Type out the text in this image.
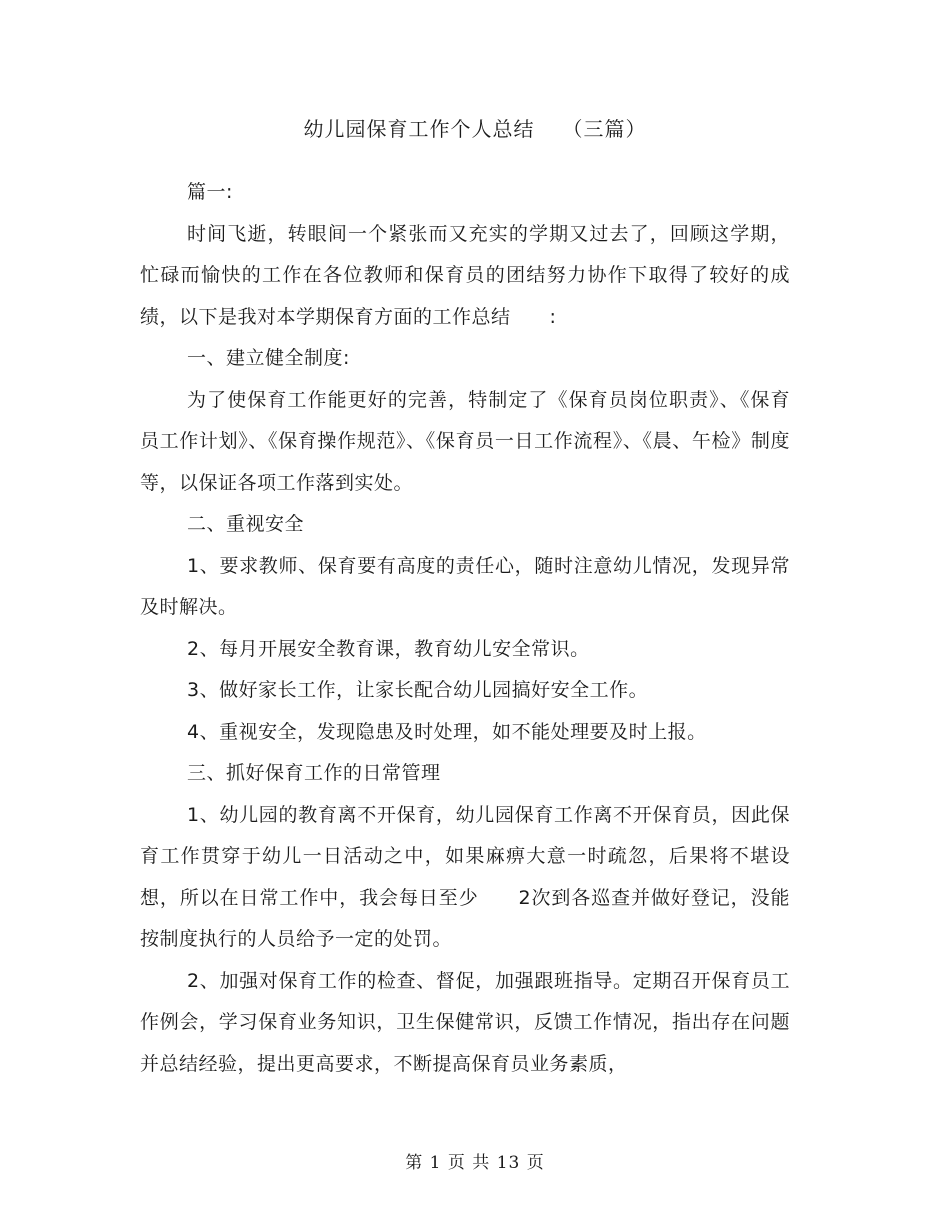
幼儿园保育工作个人总结 （三篇）

篇一:

时间飞逝，转眼间一个紧张而又充实的学期又过去了，回顾这学期，忙碌而愉快的工作在各位教师和保育员的团结努力协作下取得了较好的成绩，以下是我对本学期保育方面的工作总结　　:

一、建立健全制度:

为了使保育工作能更好的完善，特制定了《保育员岗位职责》、《保育员工作计划》、《保育操作规范》、《保育员一日工作流程》、《晨、午检》制度等，以保证各项工作落到实处。

二、重视安全

1、要求教师、保育要有高度的责任心，随时注意幼儿情况，发现异常及时解决。

2、每月开展安全教育课，教育幼儿安全常识。

3、做好家长工作，让家长配合幼儿园搞好安全工作。

4、重视安全，发现隐患及时处理，如不能处理要及时上报。

三、抓好保育工作的日常管理

1、幼儿园的教育离不开保育，幼儿园保育工作离不开保育员，因此保育工作贯穿于幼儿一日活动之中，如果麻痹大意一时疏忽，后果将不堪设想，所以在日常工作中，我会每日至少　　2次到各巡查并做好登记，没能按制度执行的人员给予一定的处罚。

2、加强对保育工作的检查、督促，加强跟班指导。定期召开保育员工作例会，学习保育业务知识，卫生保健常识，反馈工作情况，指出存在问题并总结经验，提出更高要求，不断提高保育员业务素质，

第 1 页 共 13 页
